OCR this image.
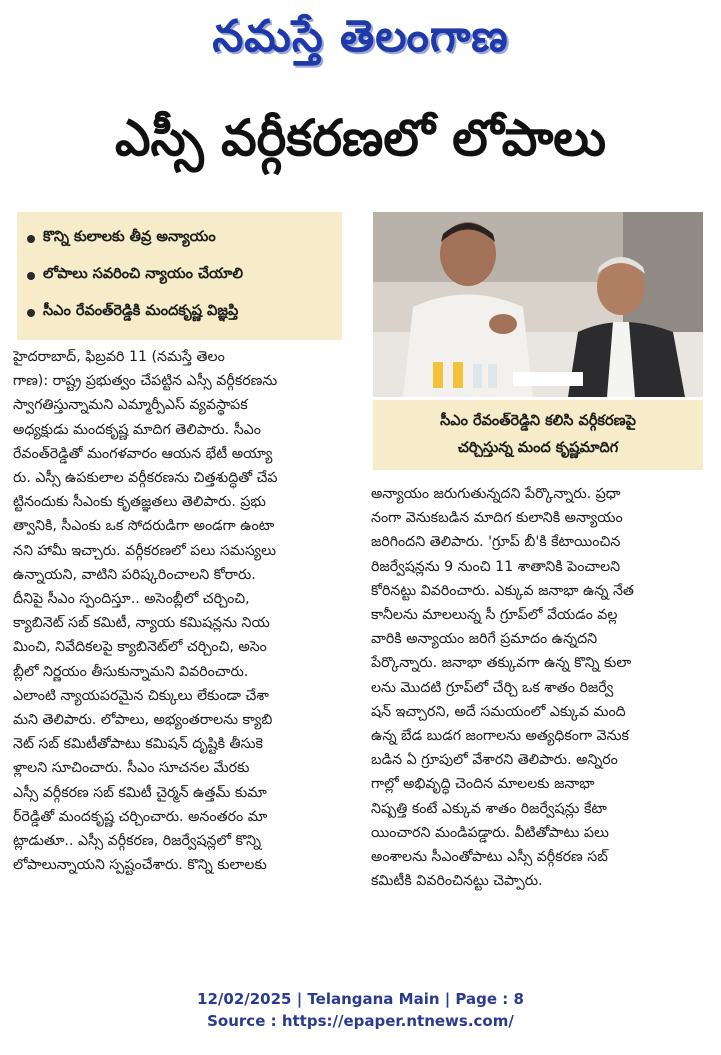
నమస్తే తెలంగాణ
ఎస్సీ వర్గీకరణలో లోపాలు
కొన్ని కులాలకు తీవ్ర అన్యాయం
లోపాలు సవరించి న్యాయం చేయాలి
సీఎం రేవంత్‌రెడ్డికి మందకృష్ణ విజ్ఞప్తి
సీఎం రేవంత్‌రెడ్డిని కలిసి వర్గీకరణపై
చర్చిస్తున్న మంద కృష్ణమాదిగ
హైదరాబాద్, ఫిబ్రవరి 11 (నమస్తే తెలం
గాణ): రాష్ట్ర ప్రభుత్వం చేపట్టిన ఎస్సీ వర్గీకరణను
స్వాగతిస్తున్నామని ఎమ్మార్పీఎస్ వ్యవస్థాపక
అధ్యక్షుడు మందకృష్ణ మాదిగ తెలిపారు. సీఎం
రేవంత్‌రెడ్డితో మంగళవారం ఆయన భేటీ అయ్యా
రు. ఎస్సీ ఉపకులాల వర్గీకరణను చిత్తశుద్ధితో చేప
ట్టినందుకు సీఎంకు కృతజ్ఞతలు తెలిపారు. ప్రభు
త్వానికి, సీఎంకు ఒక సోదరుడిగా అండగా ఉంటా
నని హామీ ఇచ్చారు. వర్గీకరణలో పలు సమస్యలు
ఉన్నాయని, వాటిని పరిష్కరించాలని కోరారు.
దీనిపై సీఎం స్పందిస్తూ.. అసెంబ్లీలో చర్చించి,
క్యాబినెట్ సబ్ కమిటీ, న్యాయ కమిషన్లను నియ
మించి, నివేదికలపై క్యాబినెట్‌లో చర్చించి, అసెం
బ్లీలో నిర్ణయం తీసుకున్నామని వివరించారు.
ఎలాంటి న్యాయపరమైన చిక్కులు లేకుండా చేశా
మని తెలిపారు. లోపాలు, అభ్యంతరాలను క్యాబి
నెట్ సబ్ కమిటీతోపాటు కమిషన్ దృష్టికి తీసుకె
ళ్లాలని సూచించారు. సీఎం సూచనల మేరకు
ఎస్సీ వర్గీకరణ సబ్ కమిటీ చైర్మన్ ఉత్తమ్ కుమా
ర్‌రెడ్డితో మందకృష్ణ చర్చించారు. అనంతరం మా
ట్లాడుతూ.. ఎస్సీ వర్గీకరణ, రిజర్వేషన్లలో కొన్ని
లోపాలున్నాయని స్పష్టంచేశారు. కొన్ని కులాలకు
అన్యాయం జరుగుతున్నదని పేర్కొన్నారు. ప్రధా
నంగా వెనుకబడిన మాదిగ కులానికి అన్యాయం
జరిగిందని తెలిపారు. 'గ్రూప్ బీ'కి కేటాయించిన
రిజర్వేషన్లను 9 నుంచి 11 శాతానికి పెంచాలని
కోరినట్టు వివరించారు. ఎక్కువ జనాభా ఉన్న నేత
కానీలను మాలలున్న సీ గ్రూప్‌లో వేయడం వల్ల
వారికి అన్యాయం జరిగే ప్రమాదం ఉన్నదని
పేర్కొన్నారు. జనాభా తక్కువగా ఉన్న కొన్ని కులా
లను మొదటి గ్రూప్‌లో చేర్చి ఒక శాతం రిజర్వే
షన్ ఇచ్చారని, అదే సమయంలో ఎక్కువ మంది
ఉన్న బేడ బుడగ జంగాలను అత్యధికంగా వెనుక
బడిన ఏ గ్రూపులో వేశారని తెలిపారు. అన్నిరం
గాల్లో అభివృద్ధి చెందిన మాలలకు జనాభా
నిష్పత్తి కంటే ఎక్కువ శాతం రిజర్వేషన్లు కేటా
యించారని మండిపడ్డారు. వీటితోపాటు పలు
అంశాలను సీఎంతోపాటు ఎస్సీ వర్గీకరణ సబ్
కమిటీకి వివరించినట్టు చెప్పారు.
12/02/2025 | Telangana Main | Page : 8
Source : https://epaper.ntnews.com/
